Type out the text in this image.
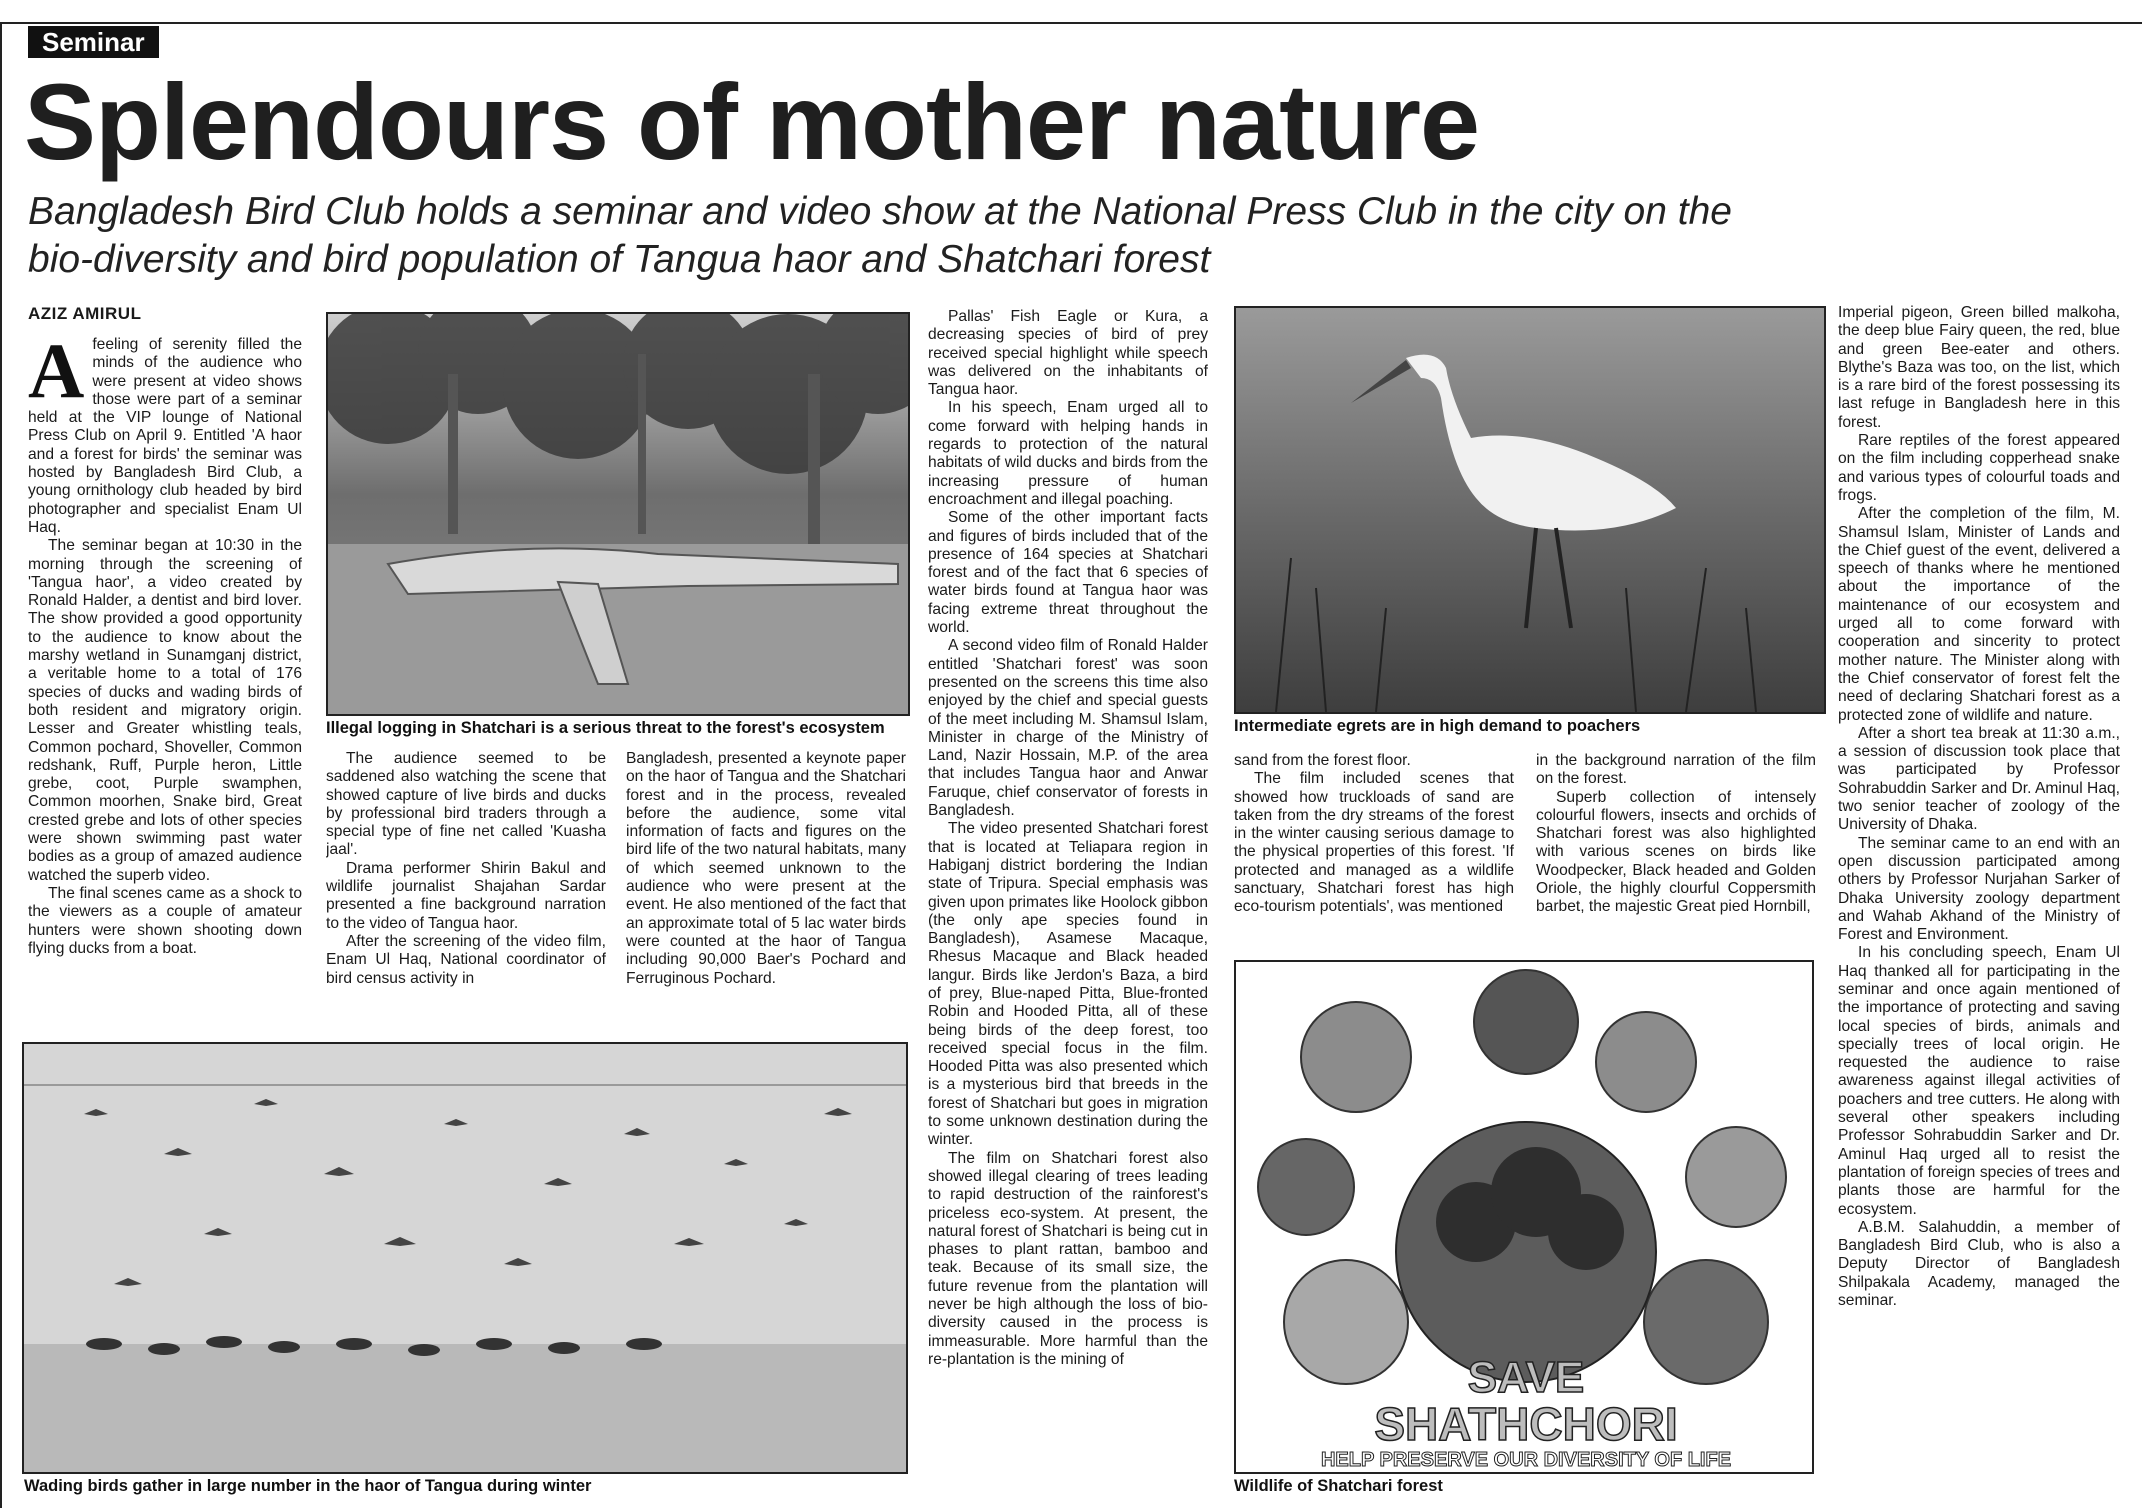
Seminar
Splendours of mother nature
Bangladesh Bird Club holds a seminar and video show at the National Press Club in the city on the bio-diversity and bird population of Tangua haor and Shatchari forest
AZIZ AMIRUL
A feeling of serenity filled the minds of the audience who were present at video shows those were part of a seminar held at the VIP lounge of National Press Club on April 9. Entitled 'A haor and a forest for birds' the seminar was hosted by Bangladesh Bird Club, a young ornithology club headed by bird photographer and specialist Enam Ul Haq.

The seminar began at 10:30 in the morning through the screening of 'Tangua haor', a video created by Ronald Halder, a dentist and bird lover. The show provided a good opportunity to the audience to know about the marshy wetland in Sunamganj district, a veritable home to a total of 176 species of ducks and wading birds of both resident and migratory origin. Lesser and Greater whistling teals, Common pochard, Shoveller, Common redshank, Ruff, Purple heron, Little grebe, coot, Purple swamphen, Common moorhen, Snake bird, Great crested grebe and lots of other species were shown swimming past water bodies as a group of amazed audience watched the superb video.

The final scenes came as a shock to the viewers as a couple of amateur hunters were shown shooting down flying ducks from a boat.

Illegal logging in Shatchari is a serious threat to the forest's ecosystem

The audience seemed to be saddened also watching the scene that showed capture of live birds and ducks by professional bird traders through a special type of fine net called 'Kuasha jaal'.

Drama performer Shirin Bakul and wildlife journalist Shajahan Sardar presented a fine background narration to the video of Tangua haor.

After the screening of the video film, Enam Ul Haq, National coordinator of bird census activity in

Bangladesh, presented a keynote paper on the haor of Tangua and the Shatchari forest and in the process, revealed before the audience, some vital information of facts and figures on the bird life of the two natural habitats, many of which seemed unknown to the audience who were present at the event. He also mentioned of the fact that an approximate total of 5 lac water birds were counted at the haor of Tangua including 90,000 Baer's Pochard and Ferruginous Pochard.

Wading birds gather in large number in the haor of Tangua during winter

Pallas' Fish Eagle or Kura, a decreasing species of bird of prey received special highlight while speech was delivered on the inhabitants of Tangua haor.

In his speech, Enam urged all to come forward with helping hands in regards to protection of the natural habitats of wild ducks and birds from the increasing pressure of human encroachment and illegal poaching.

Some of the other important facts and figures of birds included that of the presence of 164 species at Shatchari forest and of the fact that 6 species of water birds found at Tangua haor was facing extreme threat throughout the world.

A second video film of Ronald Halder entitled 'Shatchari forest' was soon presented on the screens this time also enjoyed by the chief and special guests of the meet including M. Shamsul Islam, Minister in charge of the Ministry of Land, Nazir Hossain, M.P. of the area that includes Tangua haor and Anwar Faruque, chief conservator of forests in Bangladesh.

The video presented Shatchari forest that is located at Teliapara region in Habiganj district bordering the Indian state of Tripura. Special emphasis was given upon primates like Hoolock gibbon (the only ape species found in Bangladesh), Asamese Macaque, Rhesus Macaque and Black headed langur. Birds like Jerdon's Baza, a bird of prey, Blue-naped Pitta, Blue-fronted Robin and Hooded Pitta, all of these being birds of the deep forest, too received special focus in the film. Hooded Pitta was also presented which is a mysterious bird that breeds in the forest of Shatchari but goes in migration to some unknown destination during the winter.

The film on Shatchari forest also showed illegal clearing of trees leading to rapid destruction of the rainforest's priceless eco-system. At present, the natural forest of Shatchari is being cut in phases to plant rattan, bamboo and teak. Because of its small size, the future revenue from the plantation will never be high although the loss of bio-diversity caused in the process is immeasurable. More harmful than the re-plantation is the mining of

Intermediate egrets are in high demand to poachers

sand from the forest floor.

The film included scenes that showed how truckloads of sand are taken from the dry streams of the forest in the winter causing serious damage to the physical properties of this forest. 'If protected and managed as a wildlife sanctuary, Shatchari forest has high eco-tourism potentials', was mentioned

in the background narration of the film on the forest.

Superb collection of intensely colourful flowers, insects and orchids of Shatchari forest was also highlighted with various scenes on birds like Woodpecker, Black headed and Golden Oriole, the highly clourful Coppersmith barbet, the majestic Great pied Hornbill,

SAVE
SHATHCHORI
HELP PRESERVE OUR DIVERSITY OF LIFE
Wildlife of Shatchari forest

Imperial pigeon, Green billed malkoha, the deep blue Fairy queen, the red, blue and green Bee-eater and others. Blythe's Baza was too, on the list, which is a rare bird of the forest possessing its last refuge in Bangladesh here in this forest.

Rare reptiles of the forest appeared on the film including copperhead snake and various types of colourful toads and frogs.

After the completion of the film, M. Shamsul Islam, Minister of Lands and the Chief guest of the event, delivered a speech of thanks where he mentioned about the importance of the maintenance of our ecosystem and urged all to come forward with cooperation and sincerity to protect mother nature. The Minister along with the Chief conservator of forest felt the need of declaring Shatchari forest as a protected zone of wildlife and nature.

After a short tea break at 11:30 a.m., a session of discussion took place that was participated by Professor Sohrabuddin Sarker and Dr. Aminul Haq, two senior teacher of zoology of the University of Dhaka.

The seminar came to an end with an open discussion participated among others by Professor Nurjahan Sarker of Dhaka University zoology department and Wahab Akhand of the Ministry of Forest and Environment.

In his concluding speech, Enam Ul Haq thanked all for participating in the seminar and once again mentioned of the importance of protecting and saving local species of birds, animals and specially trees of local origin. He requested the audience to raise awareness against illegal activities of poachers and tree cutters. He along with several other speakers including Professor Sohrabuddin Sarker and Dr. Aminul Haq urged all to resist the plantation of foreign species of trees and plants those are harmful for the ecosystem.

A.B.M. Salahuddin, a member of Bangladesh Bird Club, who is also a Deputy Director of Bangladesh Shilpakala Academy, managed the seminar.
